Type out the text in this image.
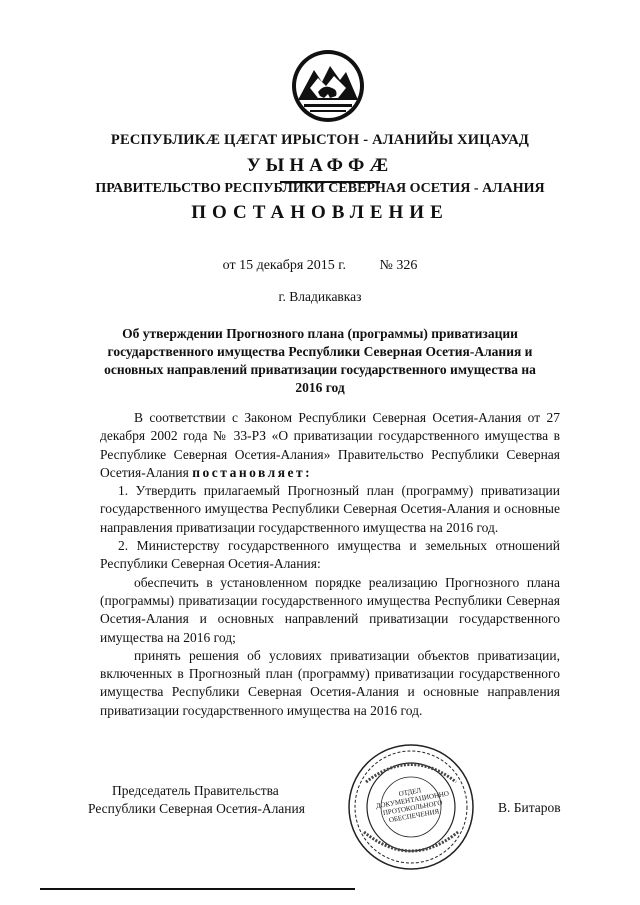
РЕСПУБЛИКÆ ЦÆГАТ ИРЫСТОН - АЛАНИЙЫ ХИЦАУАД
УЫНАФФÆ
ПРАВИТЕЛЬСТВО РЕСПУБЛИКИ СЕВЕРНАЯ ОСЕТИЯ - АЛАНИЯ
ПОСТАНОВЛЕНИЕ
от 15 декабря 2015 г. № 326
г. Владикавказ
Об утверждении Прогнозного плана (программы) приватизации государственного имущества Республики Северная Осетия-Алания и основных направлений приватизации государственного имущества на 2016 год

В соответствии с Законом Республики Северная Осетия-Алания от 27 декабря 2002 года № 33-РЗ «О приватизации государственного имущества в Республике Северная Осетия-Алания» Правительство Республики Северная Осетия-Алания постановляет:

1. Утвердить прилагаемый Прогнозный план (программу) приватизации государственного имущества Республики Северная Осетия-Алания и основные направления приватизации государственного имущества на 2016 год.

2. Министерству государственного имущества и земельных отношений Республики Северная Осетия-Алания:

обеспечить в установленном порядке реализацию Прогнозного плана (программы) приватизации государственного имущества Республики Северная Осетия-Алания и основных направлений приватизации государственного имущества на 2016 год;

принять решения об условиях приватизации объектов приватизации, включенных в Прогнозный план (программу) приватизации государственного имущества Республики Северная Осетия-Алания и основные направления приватизации государственного имущества на 2016 год.

Председатель Правительства
Республики Северная Осетия-Алания
ОТДЕЛ ДОКУМЕНТАЦИОННО ПРОТОКОЛЬНОГО ОБЕСПЕЧЕНИЯ	В. Битаров
